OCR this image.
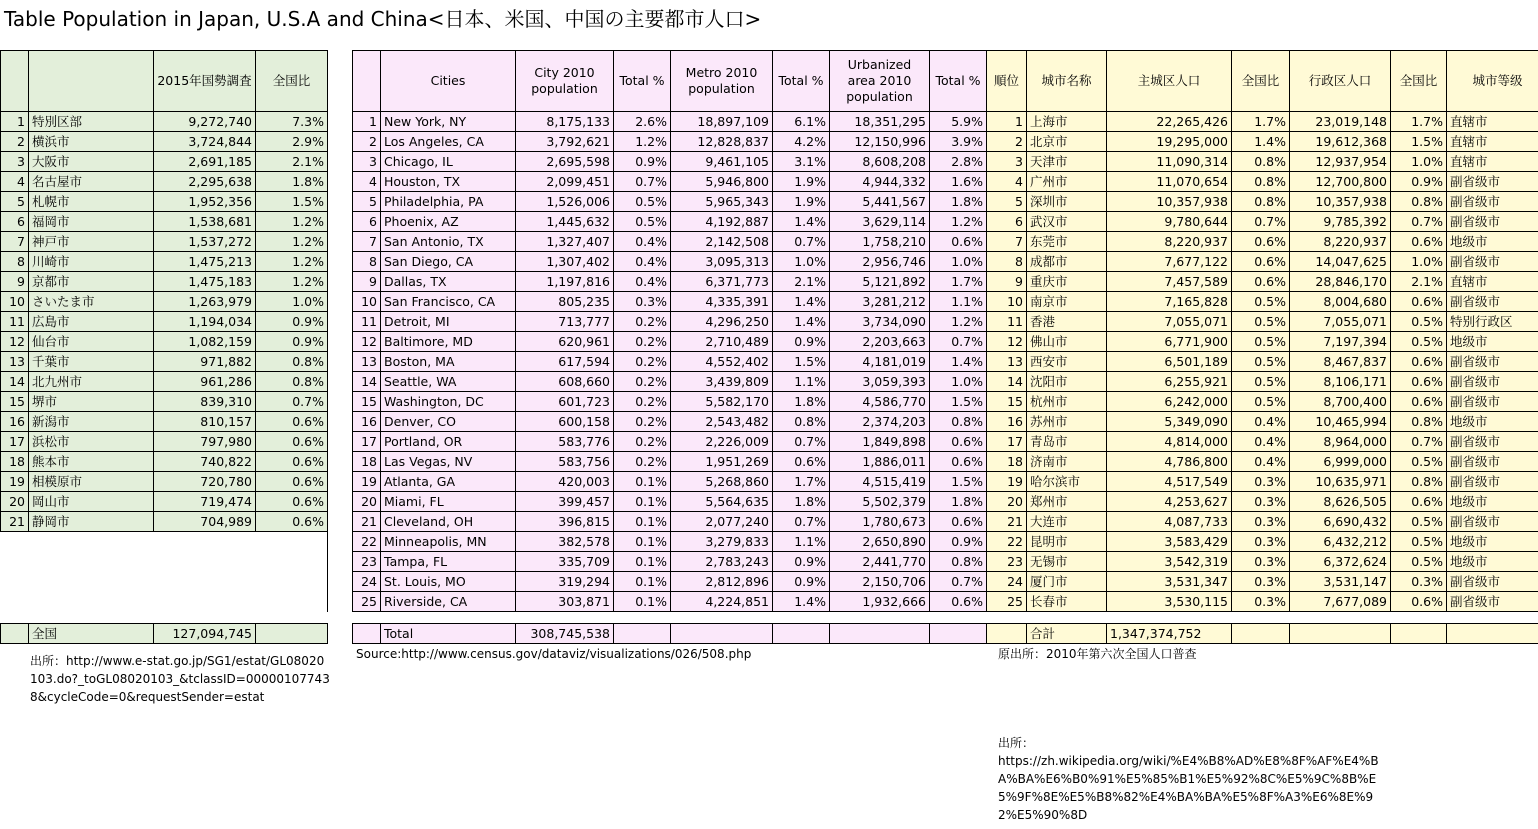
Table Population in Japan, U.S.A and China<日本、米国、中国の主要都市人口>
		2015年国勢調査	全国比			Cities	City 2010 population	Total %	Metro 2010 population	Total %	Urbanized area 2010 population	Total %	順位	城市名称	主城区人口	全国比	行政区人口	全国比	城市等级
1	特別区部	9,272,740	7.3%		1	New York, NY	8,175,133	2.6%	18,897,109	6.1%	18,351,295	5.9%	1	上海市	22,265,426	1.7%	23,019,148	1.7%	直辖市
2	横浜市	3,724,844	2.9%		2	Los Angeles, CA	3,792,621	1.2%	12,828,837	4.2%	12,150,996	3.9%	2	北京市	19,295,000	1.4%	19,612,368	1.5%	直辖市
3	大阪市	2,691,185	2.1%		3	Chicago, IL	2,695,598	0.9%	9,461,105	3.1%	8,608,208	2.8%	3	天津市	11,090,314	0.8%	12,937,954	1.0%	直辖市
4	名古屋市	2,295,638	1.8%		4	Houston, TX	2,099,451	0.7%	5,946,800	1.9%	4,944,332	1.6%	4	广州市	11,070,654	0.8%	12,700,800	0.9%	副省级市
5	札幌市	1,952,356	1.5%		5	Philadelphia, PA	1,526,006	0.5%	5,965,343	1.9%	5,441,567	1.8%	5	深圳市	10,357,938	0.8%	10,357,938	0.8%	副省级市
6	福岡市	1,538,681	1.2%		6	Phoenix, AZ	1,445,632	0.5%	4,192,887	1.4%	3,629,114	1.2%	6	武汉市	9,780,644	0.7%	9,785,392	0.7%	副省级市
7	神戸市	1,537,272	1.2%		7	San Antonio, TX	1,327,407	0.4%	2,142,508	0.7%	1,758,210	0.6%	7	东莞市	8,220,937	0.6%	8,220,937	0.6%	地级市
8	川崎市	1,475,213	1.2%		8	San Diego, CA	1,307,402	0.4%	3,095,313	1.0%	2,956,746	1.0%	8	成都市	7,677,122	0.6%	14,047,625	1.0%	副省级市
9	京都市	1,475,183	1.2%		9	Dallas, TX	1,197,816	0.4%	6,371,773	2.1%	5,121,892	1.7%	9	重庆市	7,457,589	0.6%	28,846,170	2.1%	直辖市
10	さいたま市	1,263,979	1.0%		10	San Francisco, CA	805,235	0.3%	4,335,391	1.4%	3,281,212	1.1%	10	南京市	7,165,828	0.5%	8,004,680	0.6%	副省级市
11	広島市	1,194,034	0.9%		11	Detroit, MI	713,777	0.2%	4,296,250	1.4%	3,734,090	1.2%	11	香港	7,055,071	0.5%	7,055,071	0.5%	特别行政区
12	仙台市	1,082,159	0.9%		12	Baltimore, MD	620,961	0.2%	2,710,489	0.9%	2,203,663	0.7%	12	佛山市	6,771,900	0.5%	7,197,394	0.5%	地级市
13	千葉市	971,882	0.8%		13	Boston, MA	617,594	0.2%	4,552,402	1.5%	4,181,019	1.4%	13	西安市	6,501,189	0.5%	8,467,837	0.6%	副省级市
14	北九州市	961,286	0.8%		14	Seattle, WA	608,660	0.2%	3,439,809	1.1%	3,059,393	1.0%	14	沈阳市	6,255,921	0.5%	8,106,171	0.6%	副省级市
15	堺市	839,310	0.7%		15	Washington, DC	601,723	0.2%	5,582,170	1.8%	4,586,770	1.5%	15	杭州市	6,242,000	0.5%	8,700,400	0.6%	副省级市
16	新潟市	810,157	0.6%		16	Denver, CO	600,158	0.2%	2,543,482	0.8%	2,374,203	0.8%	16	苏州市	5,349,090	0.4%	10,465,994	0.8%	地级市
17	浜松市	797,980	0.6%		17	Portland, OR	583,776	0.2%	2,226,009	0.7%	1,849,898	0.6%	17	青岛市	4,814,000	0.4%	8,964,000	0.7%	副省级市
18	熊本市	740,822	0.6%		18	Las Vegas, NV	583,756	0.2%	1,951,269	0.6%	1,886,011	0.6%	18	济南市	4,786,800	0.4%	6,999,000	0.5%	副省级市
19	相模原市	720,780	0.6%		19	Atlanta, GA	420,003	0.1%	5,268,860	1.7%	4,515,419	1.5%	19	哈尔滨市	4,517,549	0.3%	10,635,971	0.8%	副省级市
20	岡山市	719,474	0.6%		20	Miami, FL	399,457	0.1%	5,564,635	1.8%	5,502,379	1.8%	20	郑州市	4,253,627	0.3%	8,626,505	0.6%	地级市
21	静岡市	704,989	0.6%		21	Cleveland, OH	396,815	0.1%	2,077,240	0.7%	1,780,673	0.6%	21	大连市	4,087,733	0.3%	6,690,432	0.5%	副省级市
					22	Minneapolis, MN	382,578	0.1%	3,279,833	1.1%	2,650,890	0.9%	22	昆明市	3,583,429	0.3%	6,432,212	0.5%	地级市
					23	Tampa, FL	335,709	0.1%	2,783,243	0.9%	2,441,770	0.8%	23	无锡市	3,542,319	0.3%	6,372,624	0.5%	地级市
					24	St. Louis, MO	319,294	0.1%	2,812,896	0.9%	2,150,706	0.7%	24	厦门市	3,531,347	0.3%	3,531,147	0.3%	副省级市
					25	Riverside, CA	303,871	0.1%	4,224,851	1.4%	1,932,666	0.6%	25	长春市	3,530,115	0.3%	7,677,089	0.6%	副省级市
	全国	127,094,745				Total	308,745,538							合計	1,347,374,752				
出所：http://www.e-stat.go.jp/SG1/estat/GL08020103.do?_toGL08020103_&tclassID=000001077438&cycleCode=0&requestSender=estat
Source:http://www.census.gov/dataviz/visualizations/026/508.php	原出所：2010年第六次全国人口普查
出所：
https://zh.wikipedia.org/wiki/%E4%B8%AD%E8%8F%AF%E4%BA%BA%E6%B0%91%E5%85%B1%E5%92%8C%E5%9C%8B%E5%9F%8E%E5%B8%82%E4%BA%BA%E5%8F%A3%E6%8E%92%E5%90%8D
